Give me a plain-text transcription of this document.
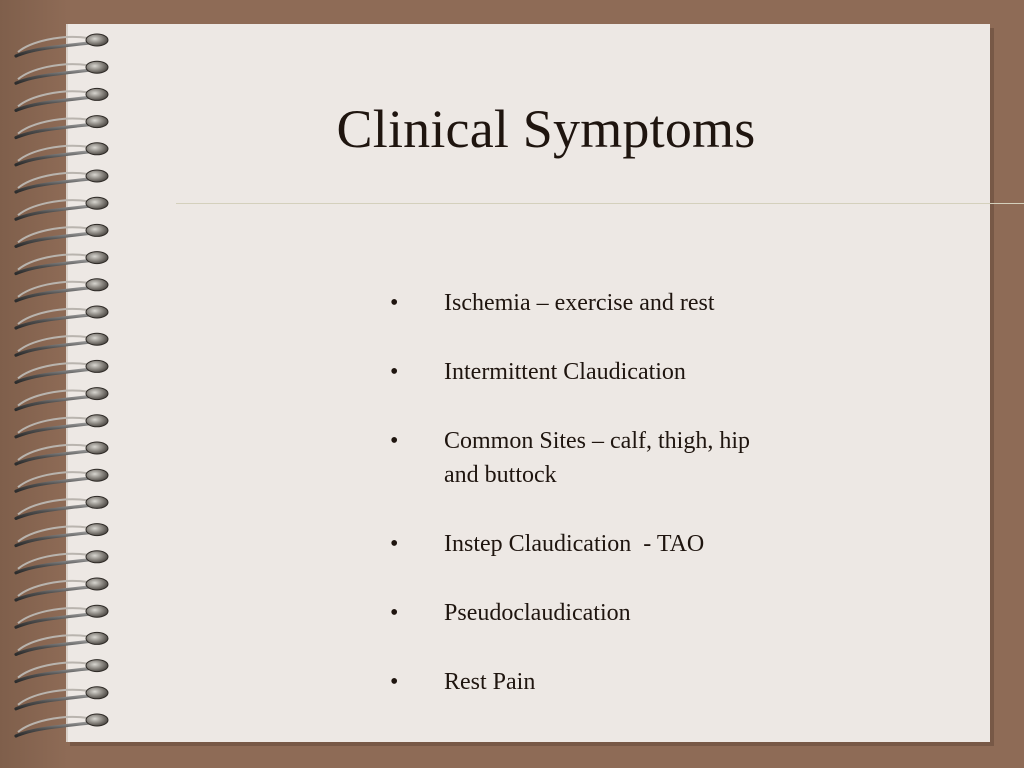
Clinical Symptoms
• Ischemia – exercise and rest
• Intermittent Claudication
• Common Sites – calf, thigh, hip
and buttock
• Instep Claudication  - TAO
• Pseudoclaudication
• Rest Pain
